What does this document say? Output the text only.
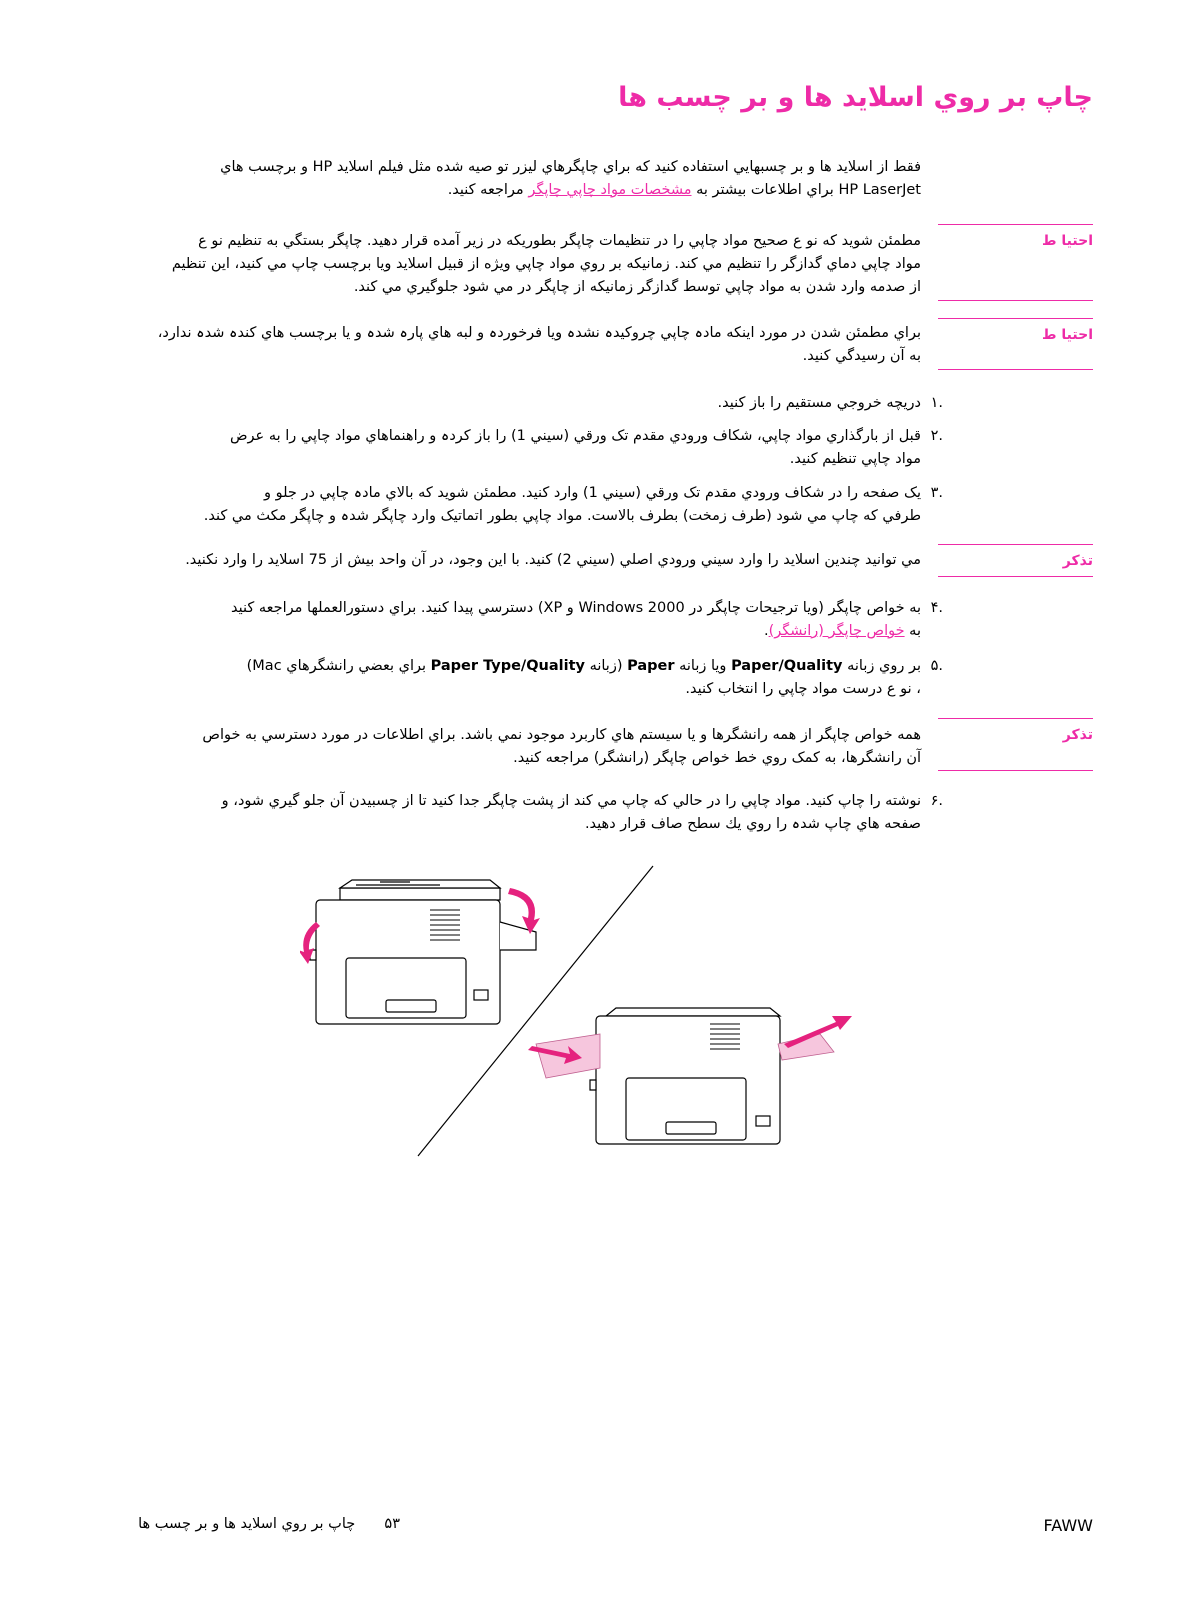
چاپ بر روي اسلايد ها و بر چسب ها
فقط از اسلايد ها و بر چسبهايي استفاده کنيد که براي چاپگرهاي ليزر تو صيه شده مثل فيلم اسلايد HP و برچسب هاي
HP LaserJet براي اطلاعات بيشتر به مشخصات مواد چاپي چاپگر مراجعه کنيد.
احتيا ط
مطمئن شويد که نو ع صحيح مواد چاپي را در تنظيمات چاپگر بطوريکه در زير آمده قرار دهيد. چاپگر بستگي به تنظيم نو ع
مواد چاپي دماي گدازگر را تنظيم مي کند. زمانيکه بر روي مواد چاپي ويژه از قبيل اسلايد ويا برچسب چاپ مي کنيد، اين تنظيم
از صدمه وارد شدن به مواد چاپي توسط گدازگر زمانيکه از چاپگر در مي شود جلوگيري مي کند.
احتيا ط
براي مطمئن شدن در مورد اينکه مادہ چاپي چروکيدہ نشدہ ويا فرخوردہ و لبه هاي پارہ شدہ و يا برچسب هاي کندہ شدہ ندارد،
به آن رسيدگي کنيد.
.۱
دريچه خروجي مستقيم را باز کنيد.
.۲
قبل از بارگذاري مواد چاپي، شکاف ورودي مقدم تک ورقي (سيني 1) را باز کردہ و راهنماهاي مواد چاپي را به عرض
مواد چاپي تنظيم کنيد.
.۳
يک صفحه را در شکاف ورودي مقدم تک ورقي (سيني 1) وارد کنيد. مطمئن شويد که بالاي مادہ چاپي در جلو و
طرفي که چاپ مي شود (طرف زمخت) بطرف بالاست. مواد چاپي بطور اتماتيک وارد چاپگر شدہ و چاپگر مکث مي کند.
تذکر
مي توانيد چندين اسلايد را وارد سيني ورودي اصلي (سيني 2) کنيد. با اين وجود، در آن واحد بيش از 75 اسلايد را وارد نکنيد.
.۴
به خواص چاپگر (ويا ترجيحات چاپگر در Windows 2000 و XP) دسترسي پيدا کنيد. براي دستورالعملها مراجعه کنيد
به خواص چاپگر (رانشگر).
.۵
بر روي زبانه Paper/Quality ويا زبانه Paper (زبانه Paper Type/Quality براي بعضي رانشگرهاي Mac)
، نو ع درست مواد چاپي را انتخاب کنيد.
تذکر
همه خواص چاپگر از همه رانشگرها و يا سيستم هاي کاربرد موجود نمي باشد. براي اطلاعات در مورد دسترسي به خواص
آن رانشگرها، به کمک روي خط خواص چاپگر (رانشگر) مراجعه کنيد.
.۶
نوشته را چاپ کنيد. مواد چاپي را در حالي که چاپ مي کند از پشت چاپگر جدا کنيد تا از چسبيدن آن جلو گيري شود، و
صفحه هاي چاپ شدہ را روي يك سطح صاف قرار دهيد.
FAWW
۵۳  چاپ بر روي اسلايد ها و بر چسب ها
